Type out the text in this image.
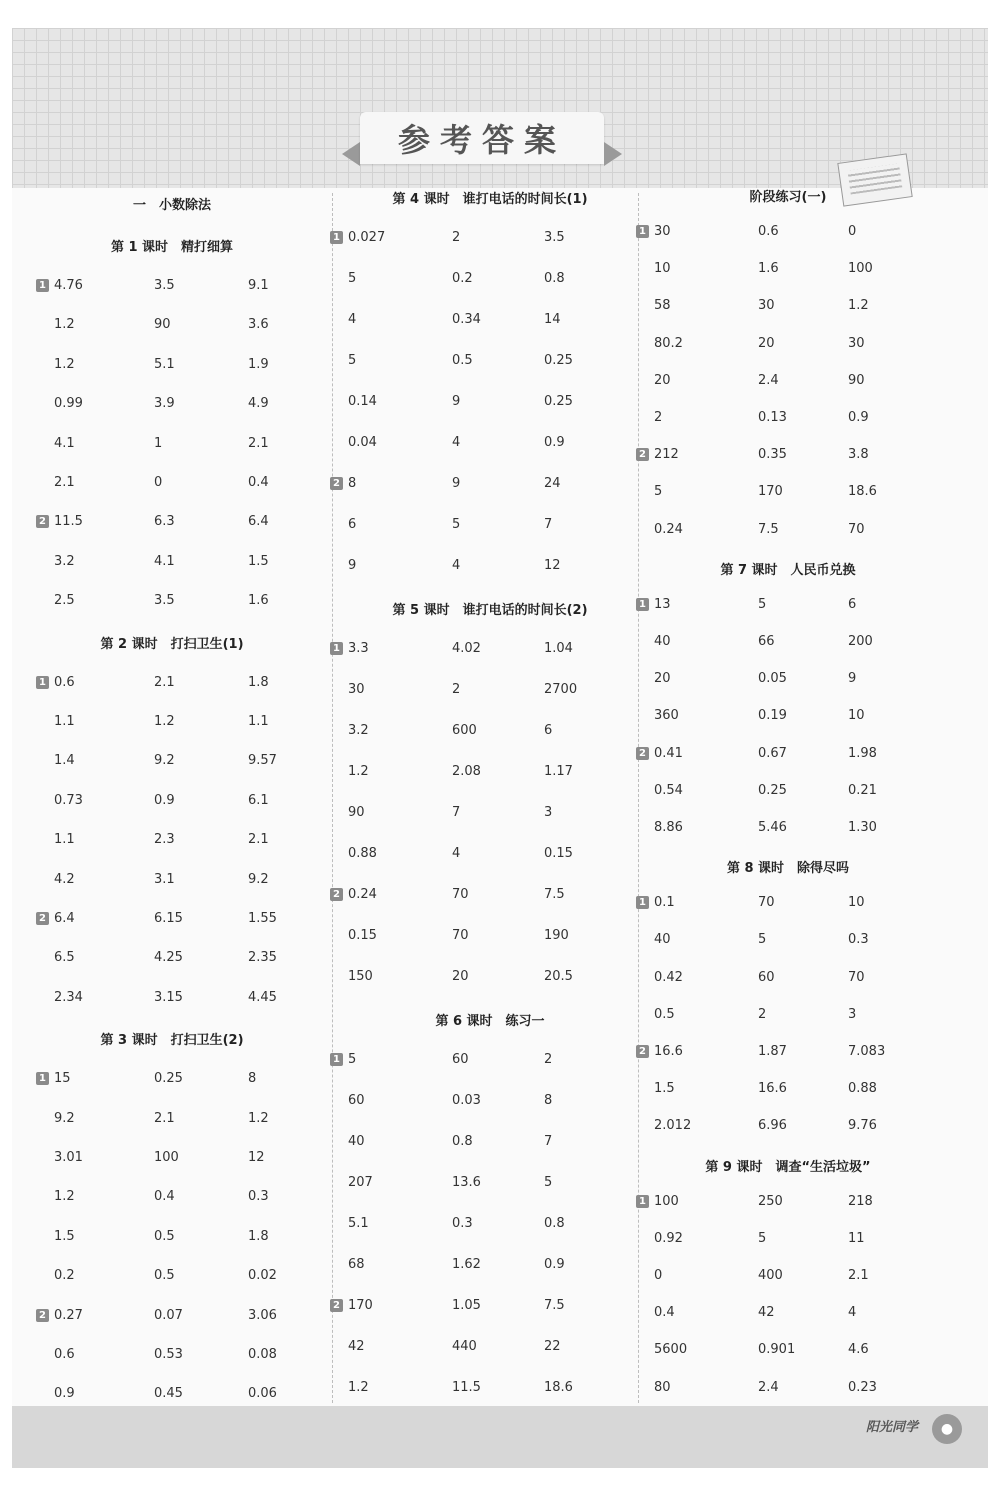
参考答案
一　小数除法
第 1 课时　精打细算
1 4.76	3.5	9.1
1.2	90	3.6
1.2	5.1	1.9
0.99	3.9	4.9
4.1	1	2.1
2.1	0	0.4
2 11.5	6.3	6.4
3.2	4.1	1.5
2.5	3.5	1.6
第 2 课时　打扫卫生(1)
1 0.6	2.1	1.8
1.1	1.2	1.1
1.4	9.2	9.57
0.73	0.9	6.1
1.1	2.3	2.1
4.2	3.1	9.2
2 6.4	6.15	1.55
6.5	4.25	2.35
2.34	3.15	4.45
第 3 课时　打扫卫生(2)
1 15	0.25	8
9.2	2.1	1.2
3.01	100	12
1.2	0.4	0.3
1.5	0.5	1.8
0.2	0.5	0.02
2 0.27	0.07	3.06
0.6	0.53	0.08
0.9	0.45	0.06
第 4 课时　谁打电话的时间长(1)
1 0.027	2	3.5
5	0.2	0.8
4	0.34	14
5	0.5	0.25
0.14	9	0.25
0.04	4	0.9
2 8	9	24
6	5	7
9	4	12
第 5 课时　谁打电话的时间长(2)
1 3.3	4.02	1.04
30	2	2700
3.2	600	6
1.2	2.08	1.17
90	7	3
0.88	4	0.15
2 0.24	70	7.5
0.15	70	190
150	20	20.5
第 6 课时　练习一
1 5	60	2
60	0.03	8
40	0.8	7
207	13.6	5
5.1	0.3	0.8
68	1.62	0.9
2 170	1.05	7.5
42	440	22
1.2	11.5	18.6
阶段练习(一)
1 30	0.6	0
10	1.6	100
58	30	1.2
80.2	20	30
20	2.4	90
2	0.13	0.9
2 212	0.35	3.8
5	170	18.6
0.24	7.5	70
第 7 课时　人民币兑换
1 13	5	6
40	66	200
20	0.05	9
360	0.19	10
2 0.41	0.67	1.98
0.54	0.25	0.21
8.86	5.46	1.30
第 8 课时　除得尽吗
1 0.1	70	10
40	5	0.3
0.42	60	70
0.5	2	3
2 16.6	1.87	7.083
1.5	16.6	0.88
2.012	6.96	9.76
第 9 课时　调查“生活垃圾”
1 100	250	218
0.92	5	11
0	400	2.1
0.4	42	4
5600	0.901	4.6
80	2.4	0.23
阳光同学	●
